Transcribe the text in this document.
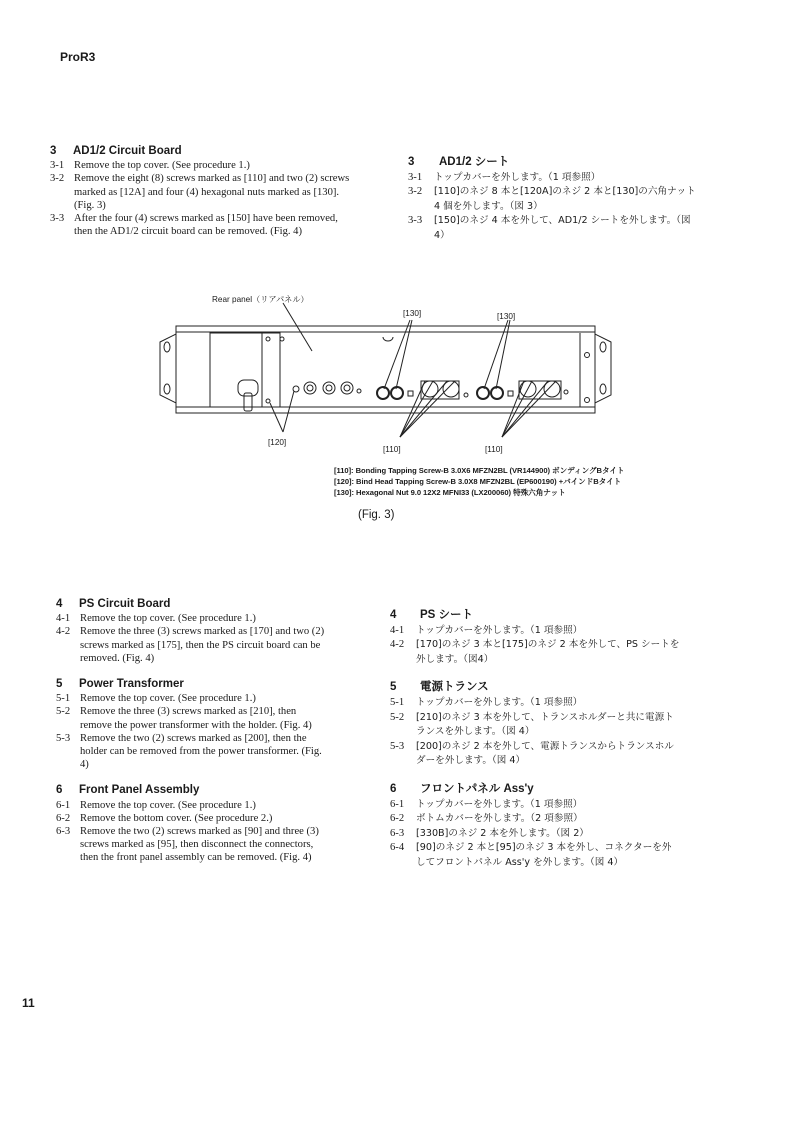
ProR3
3 AD1/2 Circuit Board
3-1 Remove the top cover. (See procedure 1.)
3-2 Remove the eight (8) screws marked as [110] and two (2) screws marked as [12A] and four (4) hexagonal nuts marked as [130]. (Fig. 3)
3-3 After the four (4) screws marked as [150] have been removed, then the AD1/2 circuit board can be removed. (Fig. 4)
3 AD1/2 シート
3-1	トップカバーを外します。（1 項参照）
3-2	[110]のネジ 8 本と[120A]のネジ 2 本と[130]の六角ナット 4 個を外します。（図 3）
3-3	[150]のネジ 4 本を外して、AD1/2 シートを外します。（図4）
Rear panel（リアパネル）
[130]	[130]
[120]
[110]	[110]
[110]: Bonding Tapping Screw-B 3.0X6 MFZN2BL (VR144900) ボンディングBタイト
[120]: Bind Head Tapping Screw-B 3.0X8 MFZN2BL (EP600190) +バインドBタイト
[130]: Hexagonal Nut 9.0 12X2 MFNI33 (LX200060) 特殊六角ナット
(Fig. 3)
4 PS Circuit Board
4-1 Remove the top cover. (See procedure 1.)
4-2 Remove the three (3) screws marked as [170] and two (2) screws marked as [175], then the PS circuit board can be removed. (Fig. 4)
5 Power Transformer
5-1 Remove the top cover. (See procedure 1.)
5-2 Remove the three (3) screws marked as [210], then remove the power transformer with the holder. (Fig. 4)
5-3 Remove the two (2) screws marked as [200], then the holder can be removed from the power transformer. (Fig. 4)
6 Front Panel Assembly
6-1 Remove the top cover. (See procedure 1.)
6-2 Remove the bottom cover. (See procedure 2.)
6-3 Remove the two (2) screws marked as [90] and three (3) screws marked as [95], then disconnect the connectors, then the front panel assembly can be removed. (Fig. 4)
4 PS シート
4-1	トップカバーを外します。（1 項参照）
4-2	[170]のネジ 3 本と[175]のネジ 2 本を外して、PS シートを外します。（図4）
5 電源トランス
5-1	トップカバーを外します。（1 項参照）
5-2	[210]のネジ 3 本を外して、トランスホルダーと共に電源トランスを外します。（図 4）
5-3	[200]のネジ 2 本を外して、電源トランスからトランスホルダーを外します。（図 4）
6 フロントパネル Ass'y
6-1	トップカバーを外します。（1 項参照）
6-2	ボトムカバーを外します。（2 項参照）
6-3	[330B]のネジ 2 本を外します。（図 2）
6-4	[90]のネジ 2 本と[95]のネジ 3 本を外し、コネクターを外してフロントパネル Ass'y を外します。（図 4）
11
